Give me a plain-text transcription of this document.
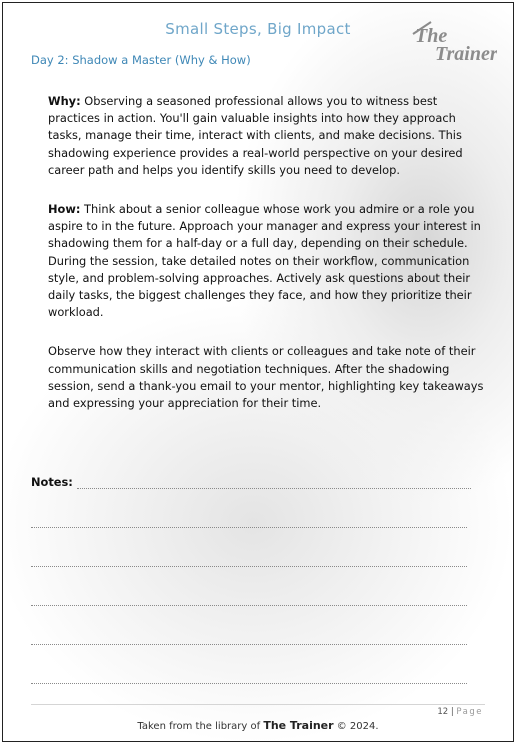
Small Steps, Big Impact	The
Trainer
Day 2: Shadow a Master (Why & How)

Why: Observing a seasoned professional allows you to witness best practices in action. You'll gain valuable insights into how they approach tasks, manage their time, interact with clients, and make decisions. This shadowing experience provides a real-world perspective on your desired career path and helps you identify skills you need to develop.

How: Think about a senior colleague whose work you admire or a role you aspire to in the future. Approach your manager and express your interest in shadowing them for a half-day or a full day, depending on their schedule. During the session, take detailed notes on their workflow, communication style, and problem-solving approaches. Actively ask questions about their daily tasks, the biggest challenges they face, and how they prioritize their workload.

Observe how they interact with clients or colleagues and take note of their communication skills and negotiation techniques. After the shadowing session, send a thank-you email to your mentor, highlighting key takeaways and expressing your appreciation for their time.

Notes:
12 | Page
Taken from the library of The Trainer © 2024.
